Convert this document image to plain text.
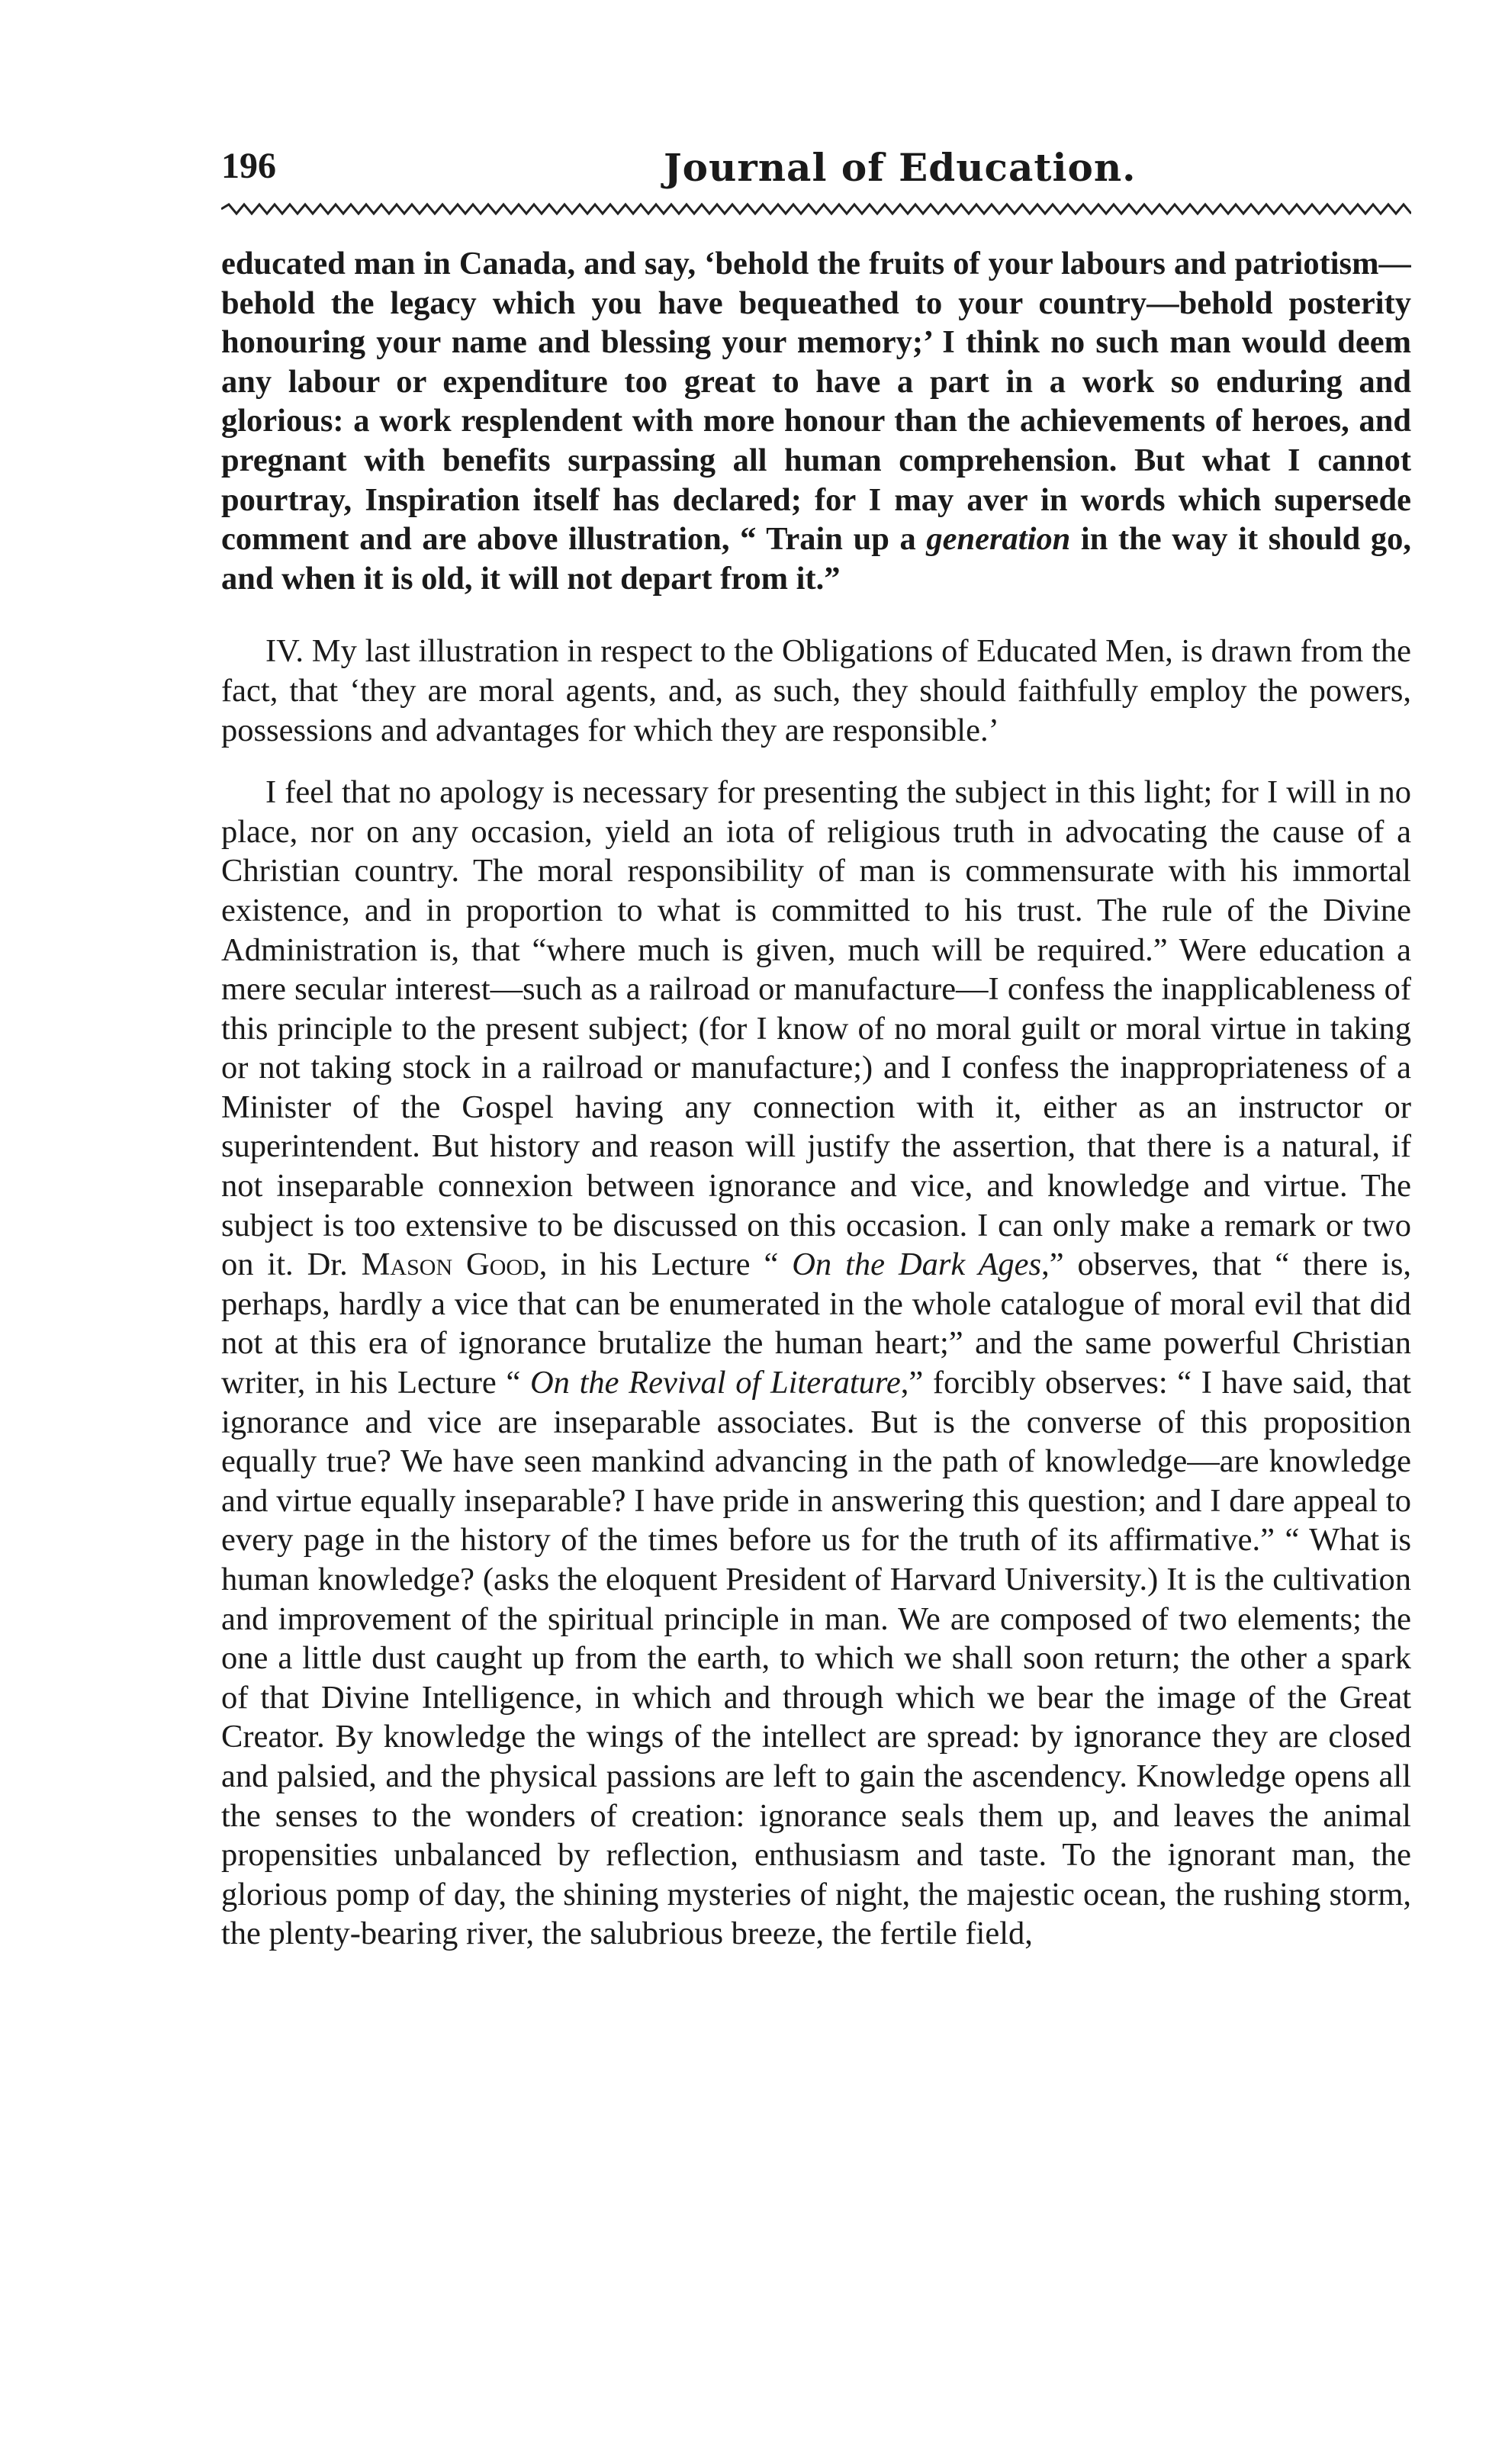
196	Journal of Education.

educated man in Canada, and say, ‘behold the fruits of your labours and patriotism—behold the legacy which you have bequeathed to your country—behold posterity honouring your name and blessing your memory;’ I think no such man would deem any labour or expenditure too great to have a part in a work so enduring and glorious: a work resplendent with more honour than the achievements of heroes, and pregnant with benefits surpassing all human comprehension. But what I cannot pourtray, Inspiration itself has declared; for I may aver in words which supersede comment and are above illustration, “ Train up a generation in the way it should go, and when it is old, it will not depart from it.”

IV. My last illustration in respect to the Obligations of Educated Men, is drawn from the fact, that ‘they are moral agents, and, as such, they should faithfully employ the powers, possessions and advantages for which they are responsible.’

I feel that no apology is necessary for presenting the subject in this light; for I will in no place, nor on any occasion, yield an iota of religious truth in advocating the cause of a Christian country. The moral responsibility of man is commensurate with his immortal existence, and in proportion to what is committed to his trust. The rule of the Divine Administration is, that “where much is given, much will be required.” Were education a mere secular interest—such as a railroad or manufacture—I confess the inapplicableness of this principle to the present subject; (for I know of no moral guilt or moral virtue in taking or not taking stock in a railroad or manufacture;) and I confess the inappropriateness of a Minister of the Gospel having any connection with it, either as an instructor or superintendent. But history and reason will justify the assertion, that there is a natural, if not inseparable connexion between ignorance and vice, and knowledge and virtue. The subject is too extensive to be discussed on this occasion. I can only make a remark or two on it. Dr. Mason Good, in his Lecture “ On the Dark Ages,” observes, that “ there is, perhaps, hardly a vice that can be enumerated in the whole catalogue of moral evil that did not at this era of ignorance brutalize the human heart;” and the same powerful Christian writer, in his Lecture “ On the Revival of Literature,” forcibly observes: “ I have said, that ignorance and vice are inseparable associates. But is the converse of this proposition equally true? We have seen mankind advancing in the path of knowledge—are knowledge and virtue equally inseparable? I have pride in answering this question; and I dare appeal to every page in the history of the times before us for the truth of its affirmative.” “ What is human knowledge? (asks the eloquent President of Harvard University.) It is the cultivation and improvement of the spiritual principle in man. We are composed of two elements; the one a little dust caught up from the earth, to which we shall soon return; the other a spark of that Divine Intelligence, in which and through which we bear the image of the Great Creator. By knowledge the wings of the intellect are spread: by ignorance they are closed and palsied, and the physical passions are left to gain the ascendency. Knowledge opens all the senses to the wonders of creation: ignorance seals them up, and leaves the animal propensities unbalanced by reflection, enthusiasm and taste. To the ignorant man, the glorious pomp of day, the shining mysteries of night, the majestic ocean, the rushing storm, the plenty-bearing river, the salubrious breeze, the fertile field,
